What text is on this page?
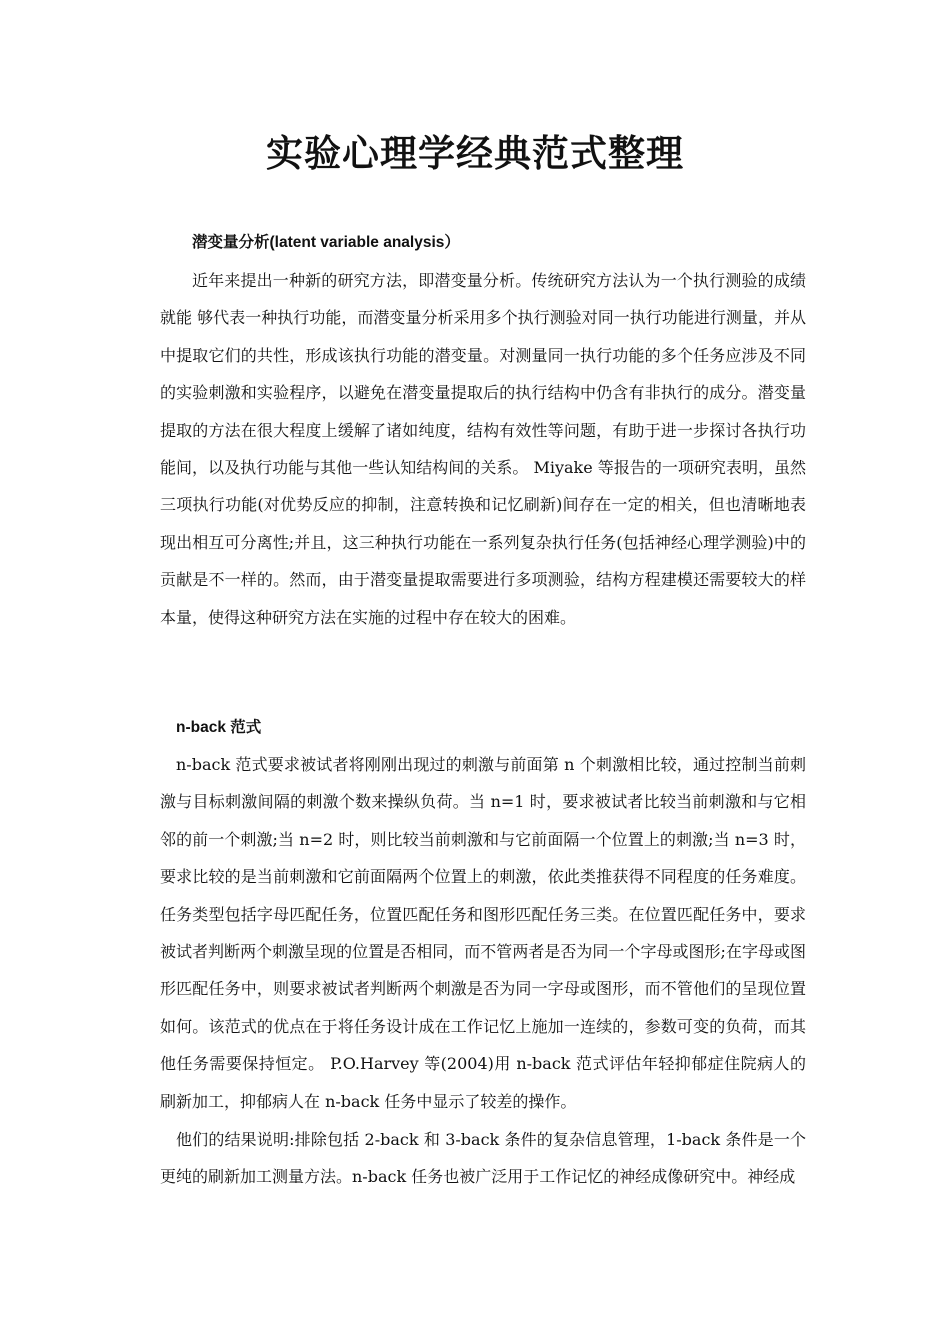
实验心理学经典范式整理
潜变量分析(latent variable analysis）

近年来提出一种新的研究方法，即潜变量分析。传统研究方法认为一个执行测验的成绩就能 够代表一种执行功能，而潜变量分析采用多个执行测验对同一执行功能进行测量，并从中提取它们的共性，形成该执行功能的潜变量。对测量同一执行功能的多个任务应涉及不同的实验刺激和实验程序，以避免在潜变量提取后的执行结构中仍含有非执行的成分。潜变量提取的方法在很大程度上缓解了诸如纯度，结构有效性等问题，有助于进一步探讨各执行功能间，以及执行功能与其他一些认知结构间的关系。 Miyake 等报告的一项研究表明，虽然三项执行功能(对优势反应的抑制，注意转换和记忆刷新)间存在一定的相关，但也清晰地表现出相互可分离性;并且，这三种执行功能在一系列复杂执行任务(包括神经心理学测验)中的贡献是不一样的。然而，由于潜变量提取需要进行多项测验，结构方程建模还需要较大的样本量，使得这种研究方法在实施的过程中存在较大的困难。

n-back 范式

n-back 范式要求被试者将刚刚出现过的刺激与前面第 n 个刺激相比较，通过控制当前刺激与目标刺激间隔的刺激个数来操纵负荷。当 n=1 时，要求被试者比较当前刺激和与它相邻的前一个刺激;当 n=2 时，则比较当前刺激和与它前面隔一个位置上的刺激;当 n=3 时，要求比较的是当前刺激和它前面隔两个位置上的刺激，依此类推获得不同程度的任务难度。任务类型包括字母匹配任务，位置匹配任务和图形匹配任务三类。在位置匹配任务中，要求被试者判断两个刺激呈现的位置是否相同，而不管两者是否为同一个字母或图形;在字母或图形匹配任务中，则要求被试者判断两个刺激是否为同一字母或图形，而不管他们的呈现位置如何。该范式的优点在于将任务设计成在工作记忆上施加一连续的，参数可变的负荷，而其他任务需要保持恒定。 P.O.Harvey 等(2004)用 n-back 范式评估年轻抑郁症住院病人的刷新加工，抑郁病人在 n-back 任务中显示了较差的操作。

他们的结果说明:排除包括 2-back 和 3-back 条件的复杂信息管理，1-back 条件是一个更纯的刷新加工测量方法。n-back 任务也被广泛用于工作记忆的神经成像研究中。神经成
